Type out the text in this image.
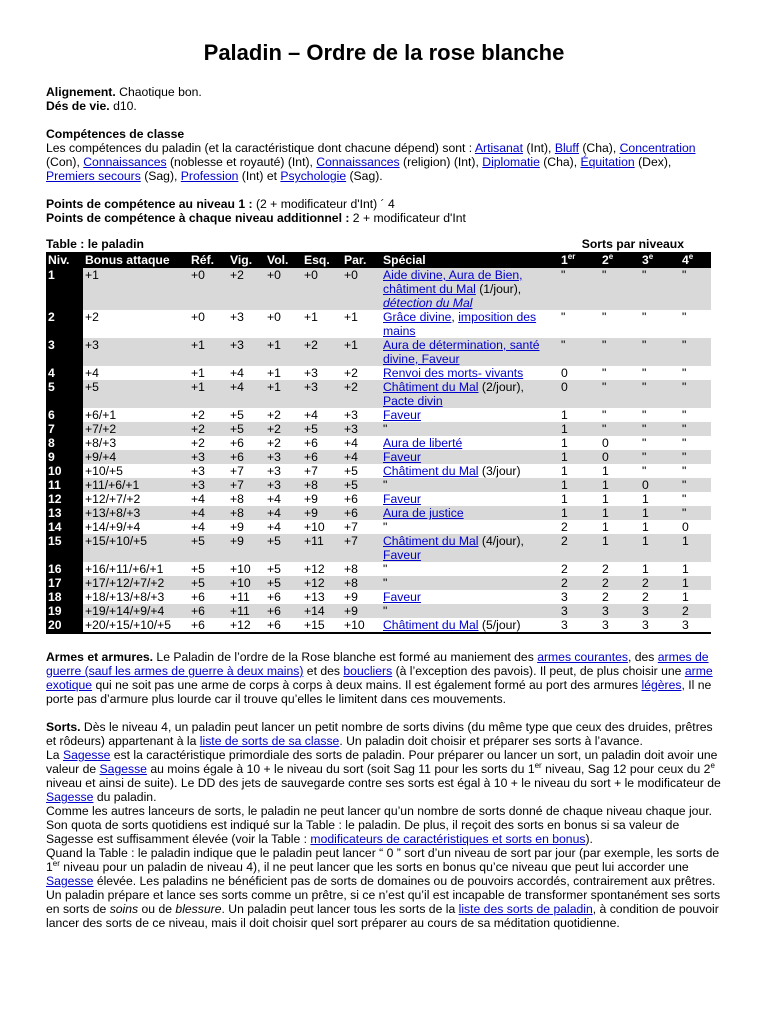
Paladin – Ordre de la rose blanche

Alignement. Chaotique bon.

Dés de vie. d10.

Compétences de classe

Les compétences du paladin (et la caractéristique dont chacune dépend) sont : Artisanat (Int), Bluff (Cha), Concentration (Con), Connaissances (noblesse et royauté) (Int), Connaissances (religion) (Int), Diplomatie (Cha), Équitation (Dex), Premiers secours (Sag), Profession (Int) et Psychologie (Sag).

Points de compétence au niveau 1 : (2 + modificateur d'Int) ´ 4

Points de compétence à chaque niveau additionnel : 2 + modificateur d'Int

Table : le paladin	Sorts par niveaux
Niv.	Bonus attaque	Réf.	Vig.	Vol.	Esq.	Par.	Spécial	1er	2e	3e	4e
1	+1	+0	+2	+0	+0	+0	Aide divine, Aura de Bien, châtiment du Mal (1/jour), détection du Mal	"	"	"	"
2	+2	+0	+3	+0	+1	+1	Grâce divine, imposition des mains	"	"	"	"
3	+3	+1	+3	+1	+2	+1	Aura de détermination, santé divine, Faveur	"	"	"	"
4	+4	+1	+4	+1	+3	+2	Renvoi des morts- vivants	0	"	"	"
5	+5	+1	+4	+1	+3	+2	Châtiment du Mal (2/jour), Pacte divin	0	"	"	"
6	+6/+1	+2	+5	+2	+4	+3	Faveur	1	"	"	"
7	+7/+2	+2	+5	+2	+5	+3	"	1	"	"	"
8	+8/+3	+2	+6	+2	+6	+4	Aura de liberté	1	0	"	"
9	+9/+4	+3	+6	+3	+6	+4	Faveur	1	0	"	"
10	+10/+5	+3	+7	+3	+7	+5	Châtiment du Mal (3/jour)	1	1	"	"
11	+11/+6/+1	+3	+7	+3	+8	+5	"	1	1	0	"
12	+12/+7/+2	+4	+8	+4	+9	+6	Faveur	1	1	1	"
13	+13/+8/+3	+4	+8	+4	+9	+6	Aura de justice	1	1	1	"
14	+14/+9/+4	+4	+9	+4	+10	+7	"	2	1	1	0
15	+15/+10/+5	+5	+9	+5	+11	+7	Châtiment du Mal (4/jour), Faveur	2	1	1	1
16	+16/+11/+6/+1	+5	+10	+5	+12	+8	"	2	2	1	1
17	+17/+12/+7/+2	+5	+10	+5	+12	+8	"	2	2	2	1
18	+18/+13/+8/+3	+6	+11	+6	+13	+9	Faveur	3	2	2	1
19	+19/+14/+9/+4	+6	+11	+6	+14	+9	"	3	3	3	2
20	+20/+15/+10/+5	+6	+12	+6	+15	+10	Châtiment du Mal (5/jour)	3	3	3	3

Armes et armures. Le Paladin de l’ordre de la Rose blanche est formé au maniement des armes courantes, des armes de guerre (sauf les armes de guerre à deux mains) et des boucliers (à l’exception des pavois). Il peut, de plus choisir une arme exotique qui ne soit pas une arme de corps à corps à deux mains. Il est également formé au port des armures légères, Il ne porte pas d’armure plus lourde car il trouve qu’elles le limitent dans ces mouvements.

Sorts. Dès le niveau 4, un paladin peut lancer un petit nombre de sorts divins (du même type que ceux des druides, prêtres et rôdeurs) appartenant à la liste de sorts de sa classe. Un paladin doit choisir et préparer ses sorts à l’avance.

La Sagesse est la caractéristique primordiale des sorts de paladin. Pour préparer ou lancer un sort, un paladin doit avoir une valeur de Sagesse au moins égale à 10 + le niveau du sort (soit Sag 11 pour les sorts du 1er niveau, Sag 12 pour ceux du 2e niveau et ainsi de suite). Le DD des jets de sauvegarde contre ses sorts est égal à 10 + le niveau du sort + le modificateur de Sagesse du paladin.

Comme les autres lanceurs de sorts, le paladin ne peut lancer qu’un nombre de sorts donné de chaque niveau chaque jour. Son quota de sorts quotidiens est indiqué sur la Table : le paladin. De plus, il reçoit des sorts en bonus si sa valeur de Sagesse est suffisamment élevée (voir la Table : modificateurs de caractéristiques et sorts en bonus).

Quand la Table : le paladin indique que le paladin peut lancer “ 0 ” sort d’un niveau de sort par jour (par exemple, les sorts de 1er niveau pour un paladin de niveau 4), il ne peut lancer que les sorts en bonus qu’ce niveau que peut lui accorder une Sagesse élevée. Les paladins ne bénéficient pas de sorts de domaines ou de pouvoirs accordés, contrairement aux prêtres.

Un paladin prépare et lance ses sorts comme un prêtre, si ce n’est qu’il est incapable de transformer spontanément ses sorts en sorts de soins ou de blessure. Un paladin peut lancer tous les sorts de la liste des sorts de paladin, à condition de pouvoir lancer des sorts de ce niveau, mais il doit choisir quel sort préparer au cours de sa méditation quotidienne.
